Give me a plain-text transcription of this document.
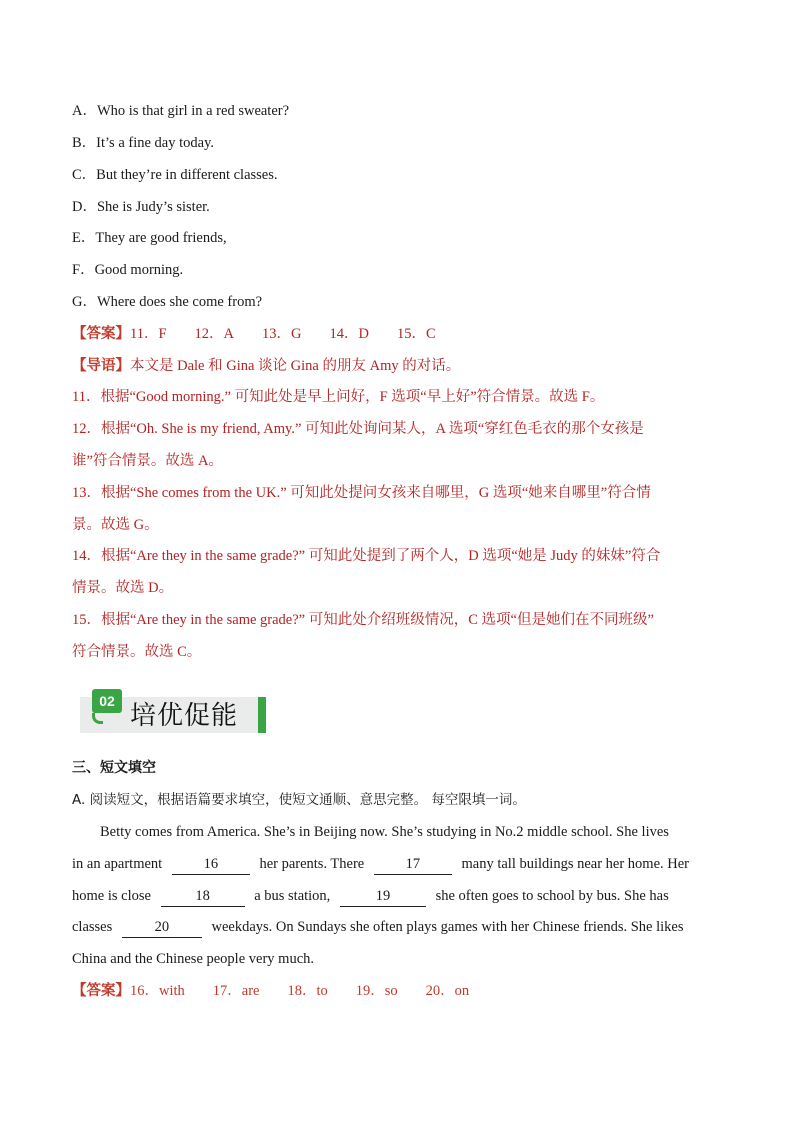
A．Who is that girl in a red sweater?
B．It’s a fine day today.
C．But they’re in different classes.
D．She is Judy’s sister.
E．They are good friends,
F．Good morning.
G．Where does she come from?
【答案】11．F 12．A 13．G 14．D 15．C
【导语】本文是 Dale 和 Gina 谈论 Gina 的朋友 Amy 的对话。
11．根据“Good morning.” 可知此处是早上问好，F 选项“早上好”符合情景。故选 F。
12．根据“Oh. She is my friend, Amy.” 可知此处询问某人，A 选项“穿红色毛衣的那个女孩是
谁”符合情景。故选 A。
13．根据“She comes from the UK.” 可知此处提问女孩来自哪里，G 选项“她来自哪里”符合情
景。故选 G。
14．根据“Are they in the same grade?” 可知此处提到了两个人，D 选项“她是 Judy 的妹妹”符合
情景。故选 D。
15．根据“Are they in the same grade?” 可知此处介绍班级情况，C 选项“但是她们在不同班级”
符合情景。故选 C。
02 培优促能
三、短文填空
A. 阅读短文，根据语篇要求填空，使短文通顺、意思完整。 每空限填一词。
Betty comes from America. She’s in Beijing now. She’s studying in No.2 middle school. She lives
in an apartment	16	her parents. There	17	many tall buildings near her home. Her
home is close	18	a bus station,	19	she often goes to school by bus. She has
classes	20	weekdays. On Sundays she often plays games with her Chinese friends. She likes
China and the Chinese people very much.
【答案】16．with 17．are 18．to 19．so 20．on
